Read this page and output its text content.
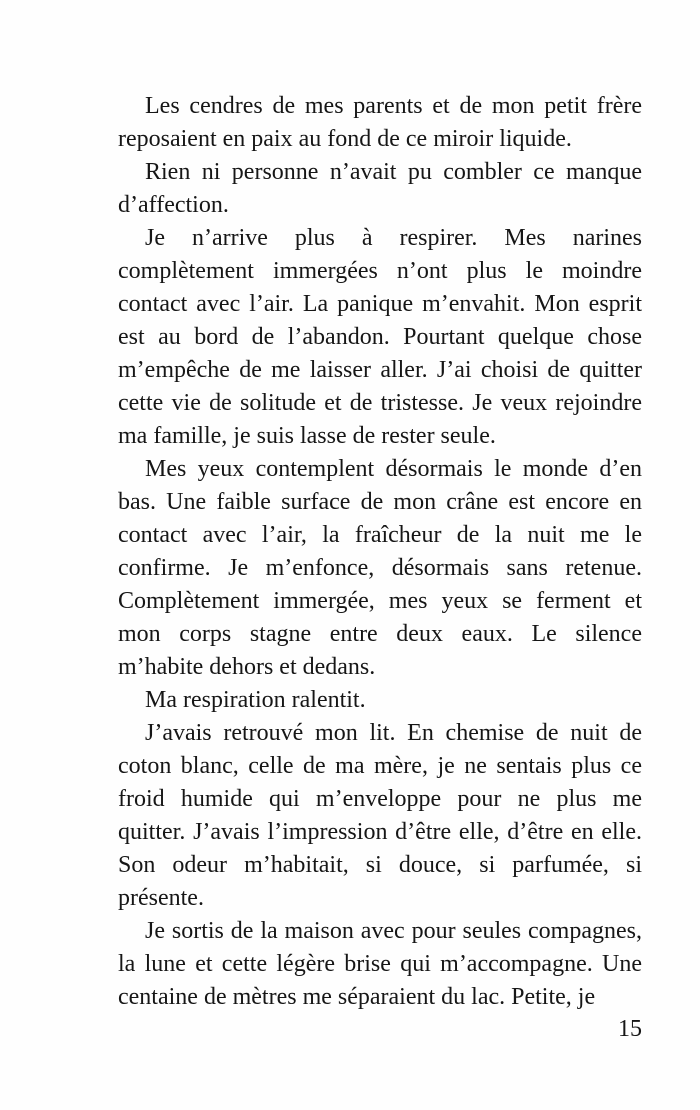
Les cendres de mes parents et de mon petit frère
reposaient en paix au fond de ce miroir liquide.
Rien ni personne n’avait pu combler ce manque
d’affection.
Je n’arrive plus à respirer. Mes narines
complètement immergées n’ont plus le moindre
contact avec l’air. La panique m’envahit. Mon esprit
est au bord de l’abandon. Pourtant quelque chose
m’empêche de me laisser aller. J’ai choisi de quitter
cette vie de solitude et de tristesse. Je veux rejoindre
ma famille, je suis lasse de rester seule.
Mes yeux contemplent désormais le monde d’en
bas. Une faible surface de mon crâne est encore en
contact avec l’air, la fraîcheur de la nuit me le
confirme. Je m’enfonce, désormais sans retenue.
Complètement immergée, mes yeux se ferment et
mon corps stagne entre deux eaux. Le silence
m’habite dehors et dedans.
Ma respiration ralentit.
J’avais retrouvé mon lit. En chemise de nuit de
coton blanc, celle de ma mère, je ne sentais plus ce
froid humide qui m’enveloppe pour ne plus me
quitter. J’avais l’impression d’être elle, d’être en elle.
Son odeur m’habitait, si douce, si parfumée, si
présente.
Je sortis de la maison avec pour seules compagnes,
la lune et cette légère brise qui m’accompagne. Une
centaine de mètres me séparaient du lac. Petite, je
15
